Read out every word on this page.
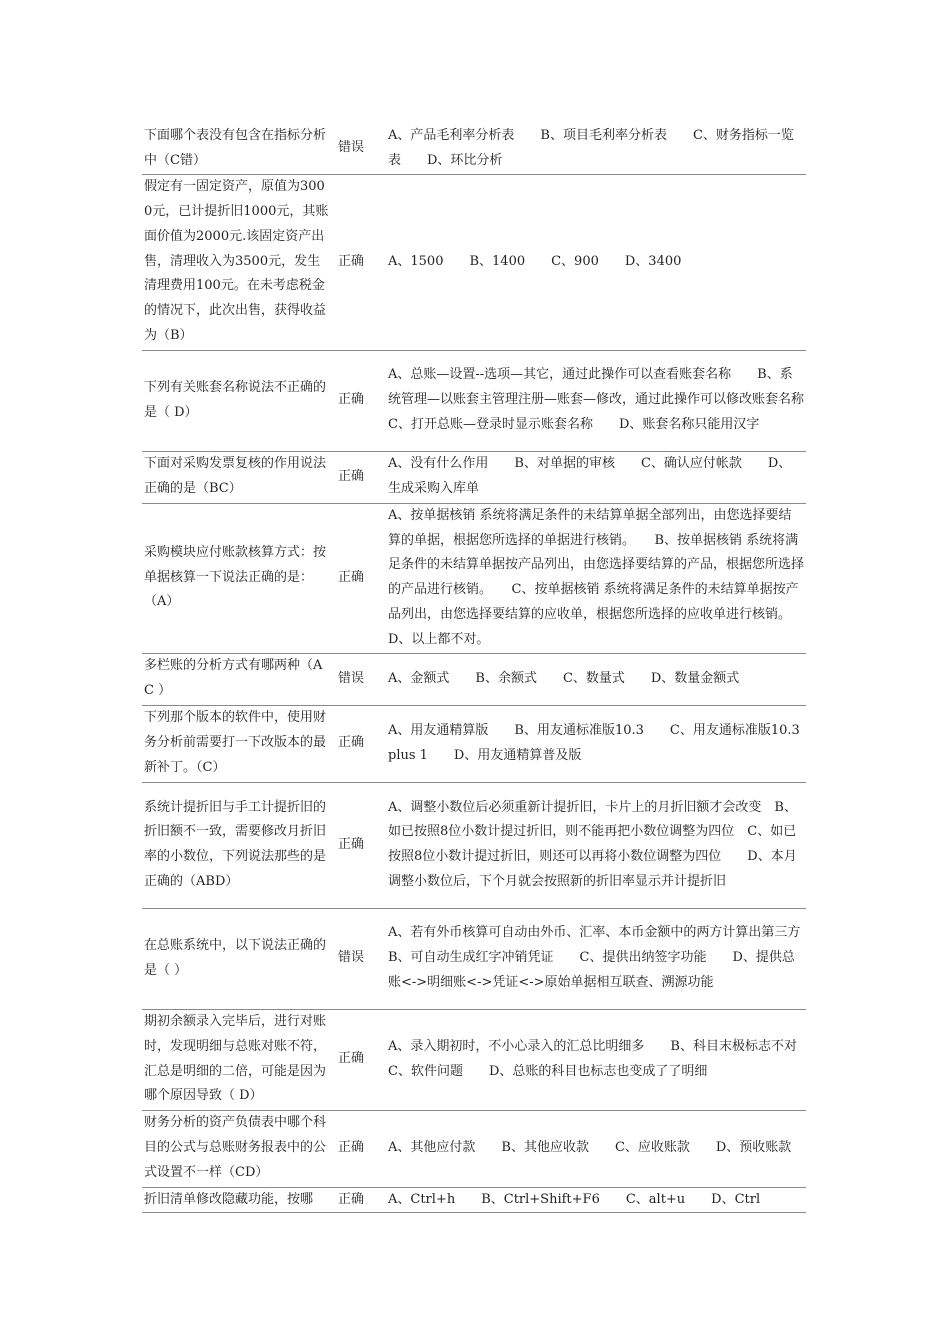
下面哪个表没有包含在指标分析中（C错）	错误	A、产品毛利率分析表　　B、项目毛利率分析表　　C、财务指标一览表　　D、环比分析
假定有一固定资产，原值为3000元，已计提折旧1000元，其账面价值为2000元.该固定资产出售，清理收入为3500元，发生清理费用100元。在未考虑税金的情况下，此次出售，获得收益为（B）	正确	A、1500　　B、1400　　C、900　　D、3400
下列有关账套名称说法不正确的是（ D）	正确	A、总账—设置--选项—其它，通过此操作可以查看账套名称　　B、系统管理—以账套主管理注册—账套—修改，通过此操作可以修改账套名称　　C、打开总账—登录时显示账套名称　　D、账套名称只能用汉字
下面对采购发票复核的作用说法正确的是（BC）	正确	A、没有什么作用　　B、对单据的审核　　C、确认应付帐款　　D、生成采购入库单
采购模块应付账款核算方式：按单据核算一下说法正确的是：（A）	正确	A、按单据核销 系统将满足条件的未结算单据全部列出，由您选择要结算的单据，根据您所选择的单据进行核销。　　B、按单据核销 系统将满足条件的未结算单据按产品列出，由您选择要结算的产品，根据您所选择的产品进行核销。　　C、按单据核销 系统将满足条件的未结算单据按产品列出，由您选择要结算的应收单，根据您所选择的应收单进行核销。　　D、以上都不对。
多栏账的分析方式有哪两种（AC ）	错误	A、金额式　　B、余额式　　C、数量式　　D、数量金额式
下列那个版本的软件中，使用财务分析前需要打一下改版本的最新补丁。（C）	正确	A、用友通精算版　　B、用友通标准版10.3　　C、用友通标准版10.3plus 1　　D、用友通精算普及版
系统计提折旧与手工计提折旧的折旧额不一致，需要修改月折旧率的小数位，下列说法那些的是正确的（ABD）	正确	A、调整小数位后必须重新计提折旧，卡片上的月折旧额才会改变　B、如已按照8位小数计提过折旧，则不能再把小数位调整为四位　C、如已按照8位小数计提过折旧，则还可以再将小数位调整为四位　　D、本月调整小数位后，下个月就会按照新的折旧率显示并计提折旧
在总账系统中，以下说法正确的是（ ）	错误	A、若有外币核算可自动由外币、汇率、本币金额中的两方计算出第三方　　B、可自动生成红字冲销凭证　　C、提供出纳签字功能　　D、提供总账<->明细账<->凭证<->原始单据相互联查、溯源功能
期初余额录入完毕后，进行对账时，发现明细与总账对账不符，汇总是明细的二倍，可能是因为哪个原因导致（ D）	正确	A、录入期初时，不小心录入的汇总比明细多　　B、科目末极标志不对　　C、软件问题　　D、总账的科目也标志也变成了了明细
财务分析的资产负债表中哪个科目的公式与总账财务报表中的公式设置不一样（CD）	正确	A、其他应付款　　B、其他应收款　　C、应收账款　　D、预收账款
折旧清单修改隐藏功能，按哪	正确	A、Ctrl+h　　B、Ctrl+Shift+F6　　C、alt+u　　D、Ctrl
